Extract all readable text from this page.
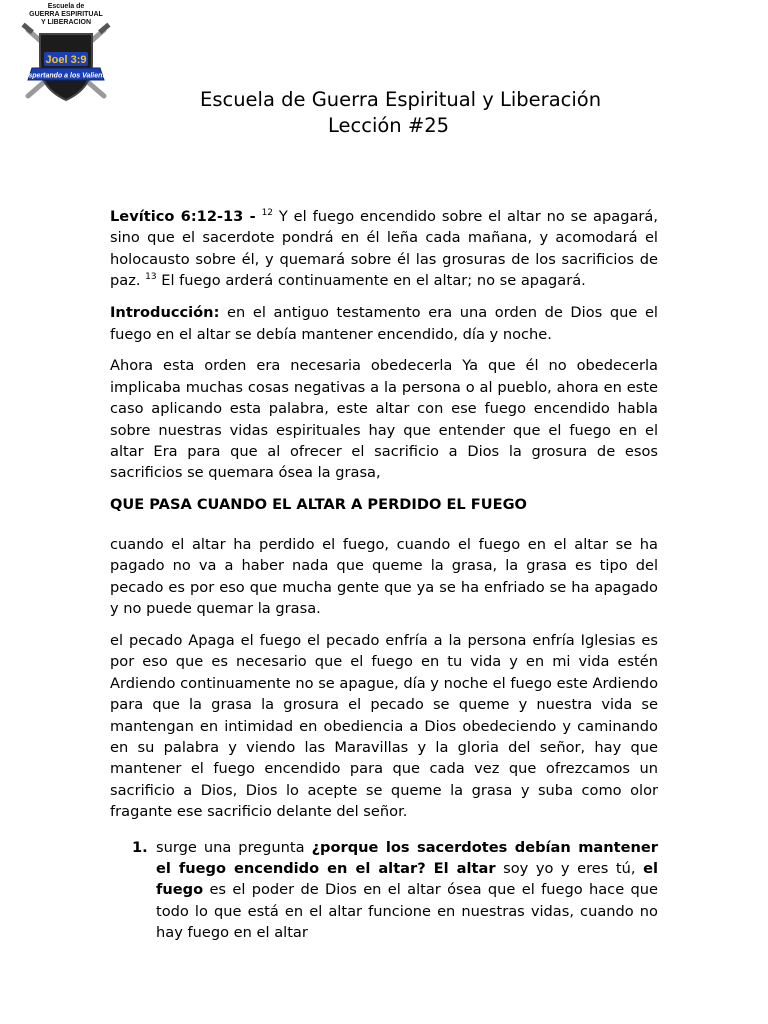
Escuela de
GUERRA ESPIRITUAL
Y LIBERACION
Joel 3:9
Despertando a los Valientes
Escuela de Guerra Espiritual y Liberación
Lección #25

Levítico 6:12-13 - $^{12}$ Y el fuego encendido sobre el altar no se apagará, sino que el sacerdote pondrá en él leña cada mañana, y acomodará el holocausto sobre él, y quemará sobre él las grosuras de los sacrificios de paz. $^{13}$ El fuego arderá continuamente en el altar; no se apagará.

Introducción: en el antiguo testamento era una orden de Dios que el fuego en el altar se debía mantener encendido, día y noche.

Ahora esta orden era necesaria obedecerla Ya que él no obedecerla implicaba muchas cosas negativas a la persona o al pueblo, ahora en este caso aplicando esta palabra, este altar con ese fuego encendido habla sobre nuestras vidas espirituales hay que entender que el fuego en el altar Era para que al ofrecer el sacrificio a Dios la grosura de esos sacrificios se quemara ósea la grasa,

QUE PASA CUANDO EL ALTAR A PERDIDO EL FUEGO

cuando el altar ha perdido el fuego, cuando el fuego en el altar se ha pagado no va a haber nada que queme la grasa, la grasa es tipo del pecado es por eso que mucha gente que ya se ha enfriado se ha apagado y no puede quemar la grasa.

el pecado Apaga el fuego el pecado enfría a la persona enfría Iglesias es por eso que es necesario que el fuego en tu vida y en mi vida estén Ardiendo continuamente no se apague, día y noche el fuego este Ardiendo para que la grasa la grosura el pecado se queme y nuestra vida se mantengan en intimidad en obediencia a Dios obedeciendo y caminando en su palabra y viendo las Maravillas y la gloria del señor, hay que mantener el fuego encendido para que cada vez que ofrezcamos un sacrificio a Dios, Dios lo acepte se queme la grasa y suba como olor fragante ese sacrificio delante del señor.

1. surge una pregunta ¿porque los sacerdotes debían mantener el fuego encendido en el altar? El altar soy yo y eres tú, el fuego es el poder de Dios en el altar ósea que el fuego hace que todo lo que está en el altar funcione en nuestras vidas, cuando no hay fuego en el altar
